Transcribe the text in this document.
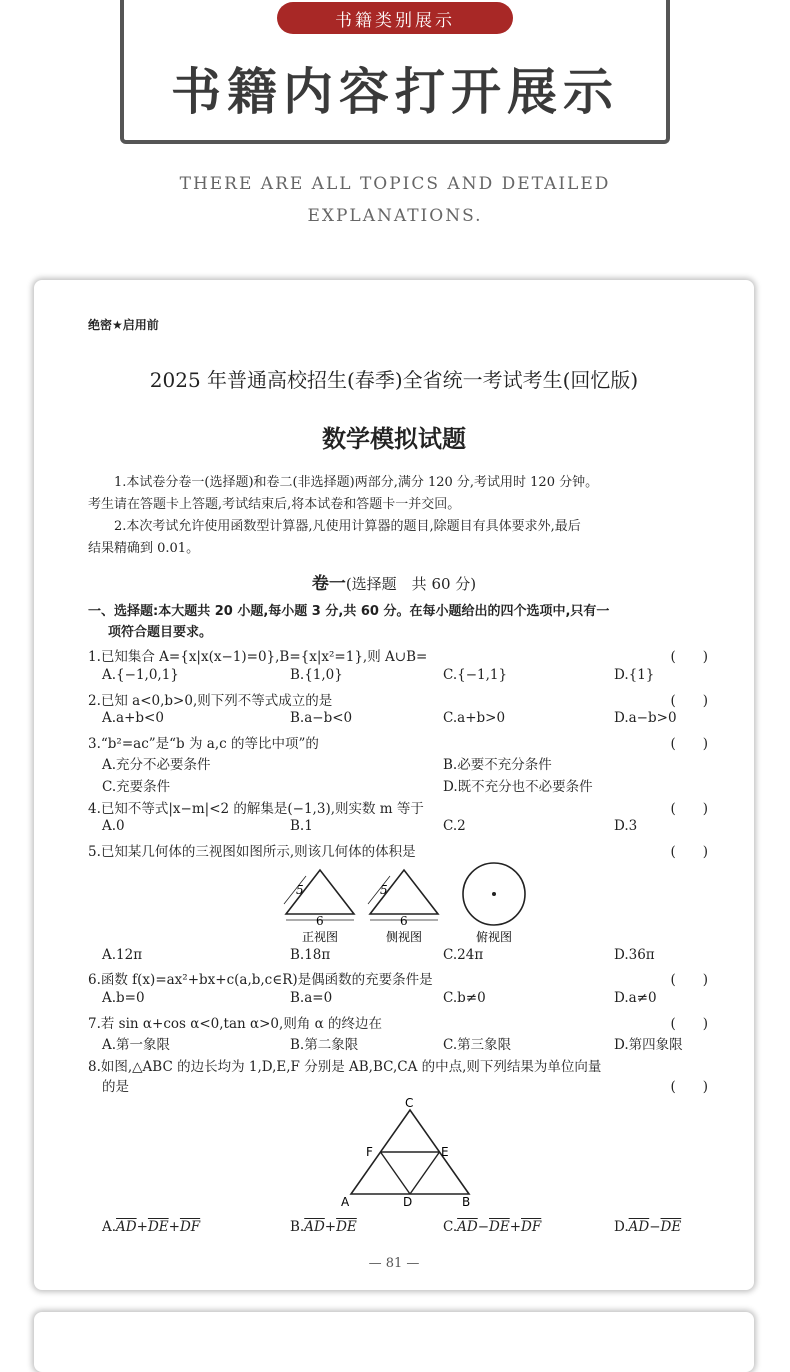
书籍类别展示
书籍内容打开展示
THERE ARE ALL TOPICS AND DETAILED
EXPLANATIONS.
绝密★启用前
2025 年普通高校招生(春季)全省统一考试考生(回忆版)
数学模拟试题
1.本试卷分卷一(选择题)和卷二(非选择题)两部分,满分 120 分,考试用时 120 分钟。
考生请在答题卡上答题,考试结束后,将本试卷和答题卡一并交回。
2.本次考试允许使用函数型计算器,凡使用计算器的题目,除题目有具体要求外,最后
结果精确到 0.01。
卷一(选择题　共 60 分)
一、选择题:本大题共 20 小题,每小题 3 分,共 60 分。在每小题给出的四个选项中,只有一
项符合题目要求。
1.已知集合 A={x|x(x−1)=0},B={x|x²=1},则 A∪B=	(　　)
A.{−1,0,1}	B.{1,0}	C.{−1,1}	D.{1}
2.已知 a<0,b>0,则下列不等式成立的是	(　　)
A.a+b<0	B.a−b<0	C.a+b>0	D.a−b>0
3.“b²=ac”是“b 为 a,c 的等比中项”的	(　　)
A.充分不必要条件	B.必要不充分条件
C.充要条件	D.既不充分也不必要条件
4.已知不等式|x−m|<2 的解集是(−1,3),则实数 m 等于	(　　)
A.0	B.1	C.2	D.3
5.已知某几何体的三视图如图所示,则该几何体的体积是	(　　)
5
6
正视图
5
6
侧视图	俯视图
A.12π	B.18π	C.24π	D.36π
6.函数 f(x)=ax²+bx+c(a,b,c∈R)是偶函数的充要条件是	(　　)
A.b=0	B.a=0	C.b≠0	D.a≠0
7.若 sin α+cos α<0,tan α>0,则角 α 的终边在	(　　)
A.第一象限	B.第二象限	C.第三象限	D.第四象限
8.如图,△ABC 的边长均为 1,D,E,F 分别是 AB,BC,CA 的中点,则下列结果为单位向量
的是	(　　)
C
F	E
A	D	B
$A.\overline{AD}+\overline{DE}+\overline{DF}$	$B.\overline{AD}+\overline{DE}$	$C.\overline{AD}-\overline{DE}+\overline{DF}$	$D.\overline{AD}-\overline{DE}$
— 81 —
